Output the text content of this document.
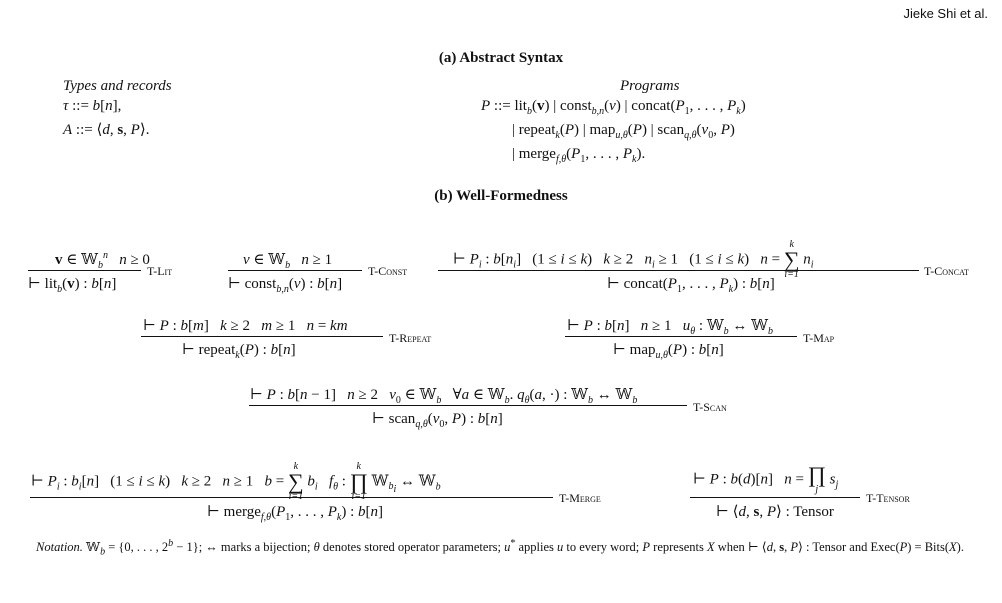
Jieke Shi et al.
(a) Abstract Syntax
Types and records
τ ::= b[n],
A ::= ⟨d, s, P⟩.
Programs
P ::= lit$_b$(v) | const$_{b,n}$(v) | $concat(P_1$, . . . , $P_k$)
| repeat$_k$(P) | map$_{u,\theta}$(P) | $scan_{q,\theta}(v_0$, P)
| $merge_{f,\theta}(P_1$, . . . , $P_k$).
(b) Well-Formedness
v ∈ 𝕎$_b^n$ n ≥ 0
⊢ lit$_b$(v) : b[n]
T-Lit
v ∈ 𝕎$_b$ n ≥ 1
⊢ const$_{b,n}$(v) : b[n]
T-Const
⊢ $P_i$ : $b[n_i] (1 \le i \le k) k \ge 2$   $n_i \ge 1$   (1 ≤ i ≤ k)   n =
k
∑
i=1
$n_i$
⊢ $concat(P_1$, . . . , $P_k$) : b[n]
T-Concat
⊢ P : b[m]   k ≥ 2   m ≥ 1   n = km
⊢ repeat$_k$(P) : b[n]
T-Repeat
⊢ P : b[n]   n ≥ 1   $u_\theta$ : 𝕎$_b$ ↔ 𝕎$_b$
⊢ map$_{u,\theta}$(P) : b[n]
T-Map
⊢ P : b[n − 1]   n ≥ 2   $v_0$ ∈ 𝕎$_b$   ∀a ∈ 𝕎$_b$. $q_\theta(a$, ·) : 𝕎$_b$ ↔ 𝕎$_b$
⊢ $scan_{q,\theta}(v_0$, P) : b[n]
T-Scan
⊢ $P_i$ : $b_i[n] (1 \le i \le k) k \ge 2$   n ≥ 1   b =
k
∑
i=1
$b_i$ $f_\theta$ :
k
∏
i=1
𝕎$_{b_i}$ ↔ 𝕎$_b$
⊢ $merge_{f,\theta}(P_1$, . . . , $P_k$) : b[n]
T-Merge
⊢ P : b(d)[n]   n = ∏
j
$s_j$
⊢ ⟨d, s, P⟩ : Tensor
T-Tensor
Notation. 𝕎$_b$ = {0, . . . , $2^b - 1$}; ↔ marks a bijection; θ denotes stored operator parameters; u* applies u to every word; P represents X when ⊢ ⟨d, s, P⟩ : Tensor and Exec(P) = Bits(X).
